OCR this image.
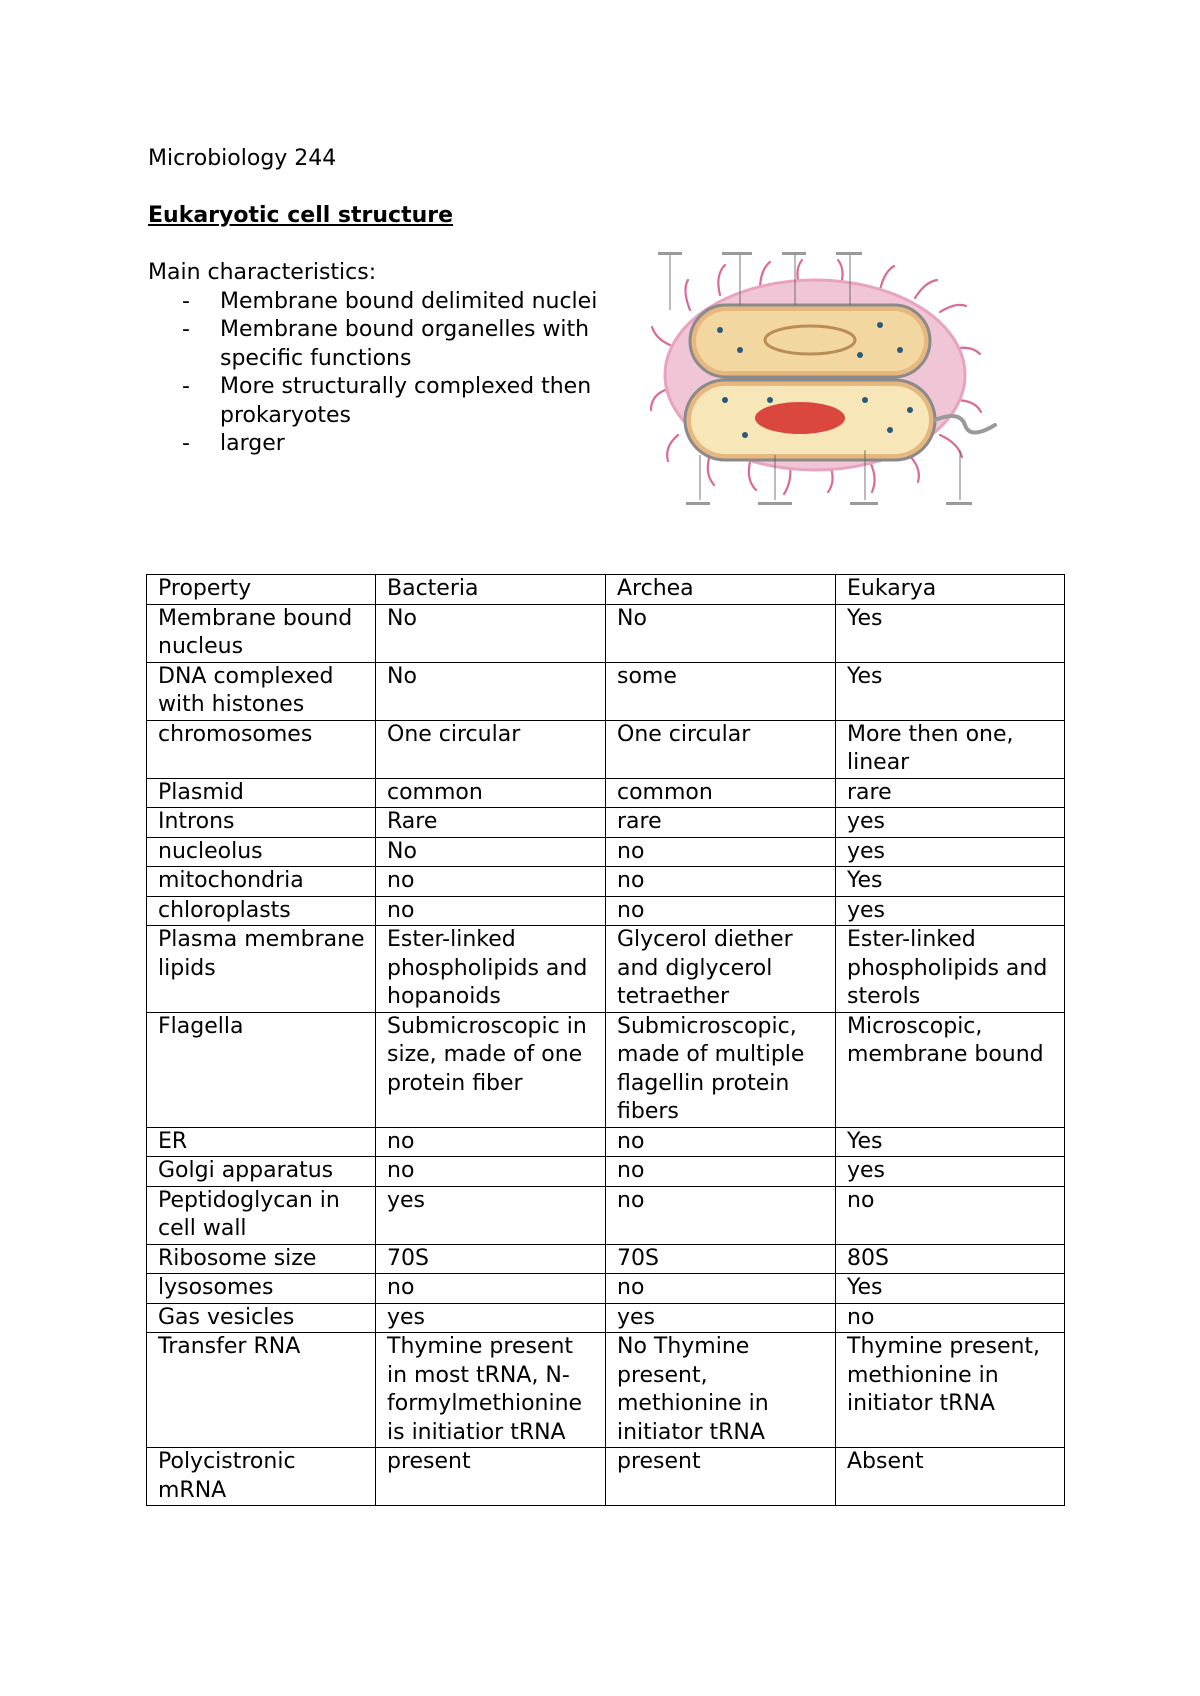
Microbiology 244
Eukaryotic cell structure
Main characteristics:
- Membrane bound delimited nuclei
- Membrane bound organelles with specific functions
- More structurally complexed then prokaryotes
- larger
Property	Bacteria	Archea	Eukarya
Membrane bound nucleus	No	No	Yes
DNA complexed with histones	No	some	Yes
chromosomes	One circular	One circular	More then one, linear
Plasmid	common	common	rare
Introns	Rare	rare	yes
nucleolus	No	no	yes
mitochondria	no	no	Yes
chloroplasts	no	no	yes
Plasma membrane lipids	Ester-linked phospholipids and hopanoids	Glycerol diether and diglycerol tetraether	Ester-linked phospholipids and sterols
Flagella	Submicroscopic in size, made of one protein fiber	Submicroscopic, made of multiple flagellin protein fibers	Microscopic, membrane bound
ER	no	no	Yes
Golgi apparatus	no	no	yes
Peptidoglycan in cell wall	yes	no	no
Ribosome size	70S	70S	80S
lysosomes	no	no	Yes
Gas vesicles	yes	yes	no
Transfer RNA	Thymine present in most tRNA, N-formylmethionine is initiatior tRNA	No Thymine present, methionine in initiator tRNA	Thymine present, methionine in initiator tRNA
Polycistronic mRNA	present	present	Absent
